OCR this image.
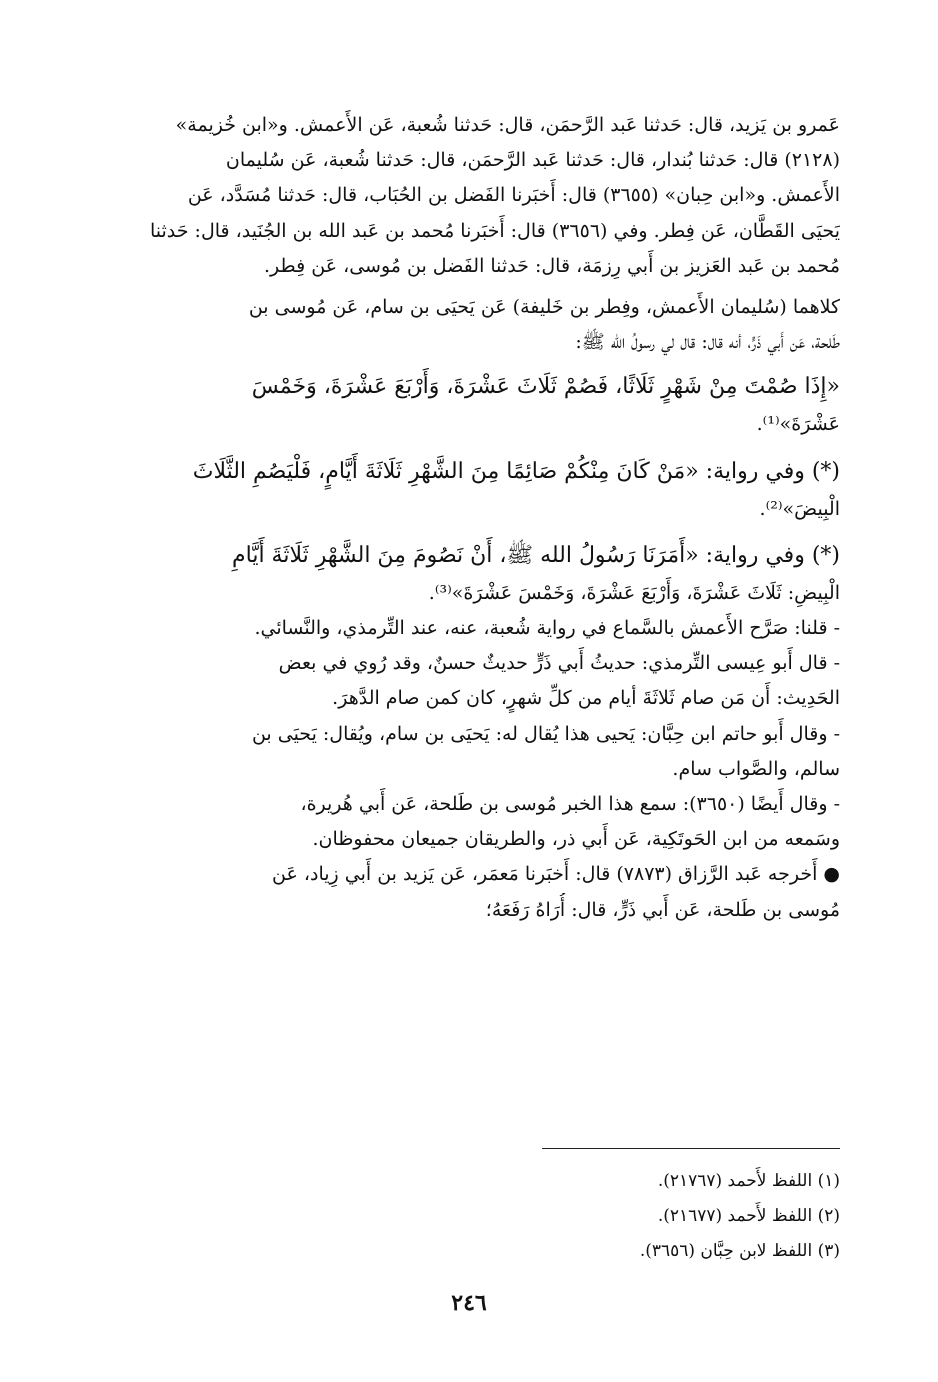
عَمرو بن يَزيد، قال: حَدثنا عَبد الرَّحمَن، قال: حَدثنا شُعبة، عَن الأَعمش. و«ابن خُزيمة»
(٢١٢٨) قال: حَدثنا بُندار، قال: حَدثنا عَبد الرَّحمَن، قال: حَدثنا شُعبة، عَن سُليمان
الأَعمش. و«ابن حِبان» (٣٦٥٥) قال: أَخبَرنا الفَضل بن الحُبَاب، قال: حَدثنا مُسَدَّد، عَن
يَحيَى القَطَّان، عَن فِطر. وفي (٣٦٥٦) قال: أَخبَرنا مُحمد بن عَبد الله بن الجُنَيد، قال: حَدثنا
مُحمد بن عَبد العَزيز بن أَبي رِزمَة، قال: حَدثنا الفَضل بن مُوسى، عَن فِطر.
كلاهما (سُليمان الأَعمش، وفِطر بن خَليفة) عَن يَحيَى بن سام، عَن مُوسى بن
طَلحة، عَن أَبي ذَرٍّ، أنه قال: قال لي رسولُ الله ﷺ:
«إِذَا صُمْتَ مِنْ شَهْرٍ ثَلَاثًا، فَصُمْ ثَلَاثَ عَشْرَةَ، وَأَرْبَعَ عَشْرَةَ، وَخَمْسَ
عَشْرَةَ»⁽¹⁾.
(*) وفي رواية: «مَنْ كَانَ مِنْكُمْ صَائِمًا مِنَ الشَّهْرِ ثَلَاثَةَ أَيَّامٍ، فَلْيَصُمِ الثَّلَاثَ
الْبِيضَ»⁽²⁾.
(*) وفي رواية: «أَمَرَنَا رَسُولُ الله ﷺ، أَنْ نَصُومَ مِنَ الشَّهْرِ ثَلَاثَةَ أَيَّامِ
الْبِيضِ: ثَلَاثَ عَشْرَةَ، وَأَرْبَعَ عَشْرَةَ، وَخَمْسَ عَشْرَةَ»⁽³⁾.
- قلنا: صَرَّح الأَعمش بالسَّماع في رواية شُعبة، عنه، عند التِّرمذي، والنَّسائي.
- قال أَبو عِيسى التِّرمذي: حديثُ أَبي ذَرٍّ حديثٌ حسنٌ، وقد رُوي في بعض
الحَدِيث: أَن مَن صام ثَلاثَةَ أيام من كلِّ شهرٍ، كان كمن صام الدَّهرَ.
- وقال أَبو حاتم ابن حِبَّان: يَحيى هذا يُقال له: يَحيَى بن سام، ويُقال: يَحيَى بن
سالم، والصَّواب سام.
- وقال أَيضًا (٣٦٥٠): سمع هذا الخبر مُوسى بن طَلحة، عَن أَبي هُريرة،
وسَمعه من ابن الحَوتَكِية، عَن أَبي ذر، والطريقان جميعان محفوظان.
● أَخرجه عَبد الرَّزاق (٧٨٧٣) قال: أَخبَرنا مَعمَر، عَن يَزيد بن أَبي زِياد، عَن
مُوسى بن طَلحة، عَن أَبي ذَرٍّ، قال: أُرَاهُ رَفَعَهُ؛
(١) اللفظ لأَحمد (٢١٧٦٧).
(٢) اللفظ لأَحمد (٢١٦٧٧).
(٣) اللفظ لابن حِبَّان (٣٦٥٦).
٢٤٦
